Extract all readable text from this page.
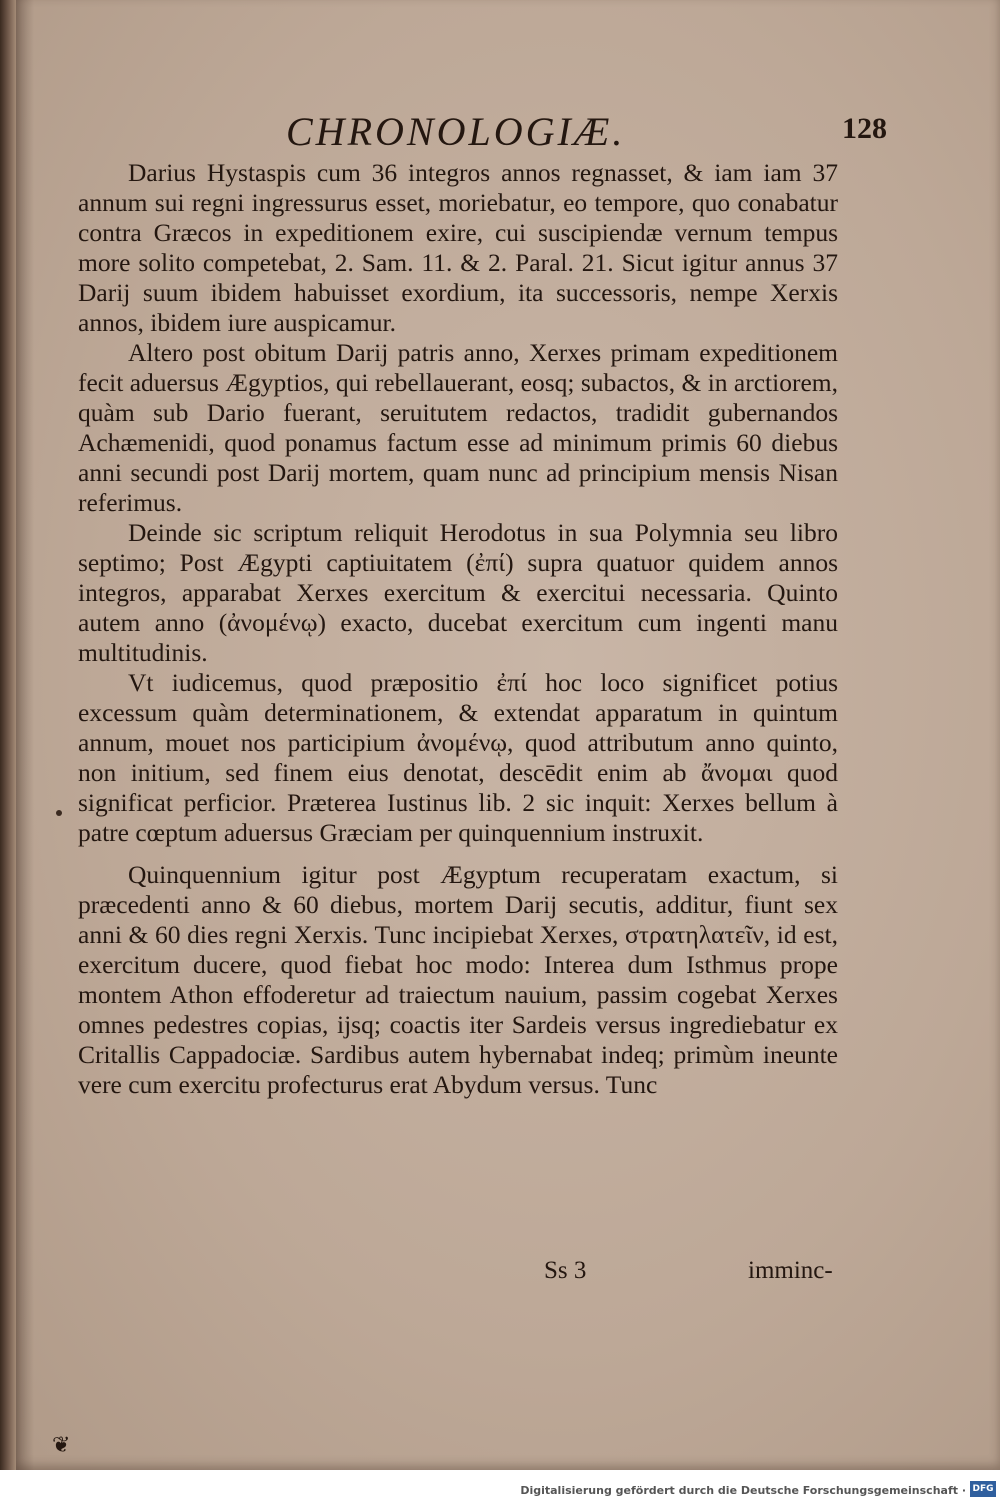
CHRONOLOGIÆ.	128

Darius Hystaspis cum 36 integros annos regnasset, & iam iam 37 annum sui regni ingressurus esset, moriebatur, eo tempore, quo conabatur contra Græcos in expeditionem exire, cui suscipiendæ vernum tempus more solito competebat, 2. Sam. 11. & 2. Paral. 21. Sicut igitur annus 37 Darij suum ibidem habuisset exordium, ita successoris, nempe Xerxis annos, ibidem iure auspicamur.

Altero post obitum Darij patris anno, Xerxes primam expeditionem fecit aduersus Ægyptios, qui rebellauerant, eosq; subactos, & in arctiorem, quàm sub Dario fuerant, seruitutem redactos, tradidit gubernandos Achæmenidi, quod ponamus factum esse ad minimum primis 60 diebus anni secundi post Darij mortem, quam nunc ad principium mensis Nisan referimus.

Deinde sic scriptum reliquit Herodotus in sua Polymnia seu libro septimo; Post Ægypti captiuitatem (ἐπί) supra quatuor quidem annos integros, apparabat Xerxes exercitum & exercitui necessaria. Quinto autem anno (ἀνομένῳ) exacto, ducebat exercitum cum ingenti manu multitudinis.

Vt iudicemus, quod præpositio ἐπί hoc loco significet potius excessum quàm determinationem, & extendat apparatum in quintum annum, mouet nos participium ἀνομένῳ, quod attributum anno quinto, non initium, sed finem eius denotat, descēdit enim ab ἄνομαι quod significat perficior. Præterea Iustinus lib. 2 sic inquit: Xerxes bellum à patre cœptum aduersus Græciam per quinquennium instruxit.

Quinquennium igitur post Ægyptum recuperatam exactum, si præcedenti anno & 60 diebus, mortem Darij secutis, additur, fiunt sex anni & 60 dies regni Xerxis. Tunc incipiebat Xerxes, στρατηλατεῖν, id est, exercitum ducere, quod fiebat hoc modo: Interea dum Isthmus prope montem Athon effoderetur ad traiectum nauium, passim cogebat Xerxes omnes pedestres copias, ijsq; coactis iter Sardeis versus ingrediebatur ex Critallis Cappadociæ. Sardibus autem hybernabat indeq; primùm ineunte vere cum exercitu profecturus erat Abydum versus. Tunc

Ss 3	imminc-
❦
Digitalisierung gefördert durch die Deutsche Forschungsgemeinschaft · DFG
